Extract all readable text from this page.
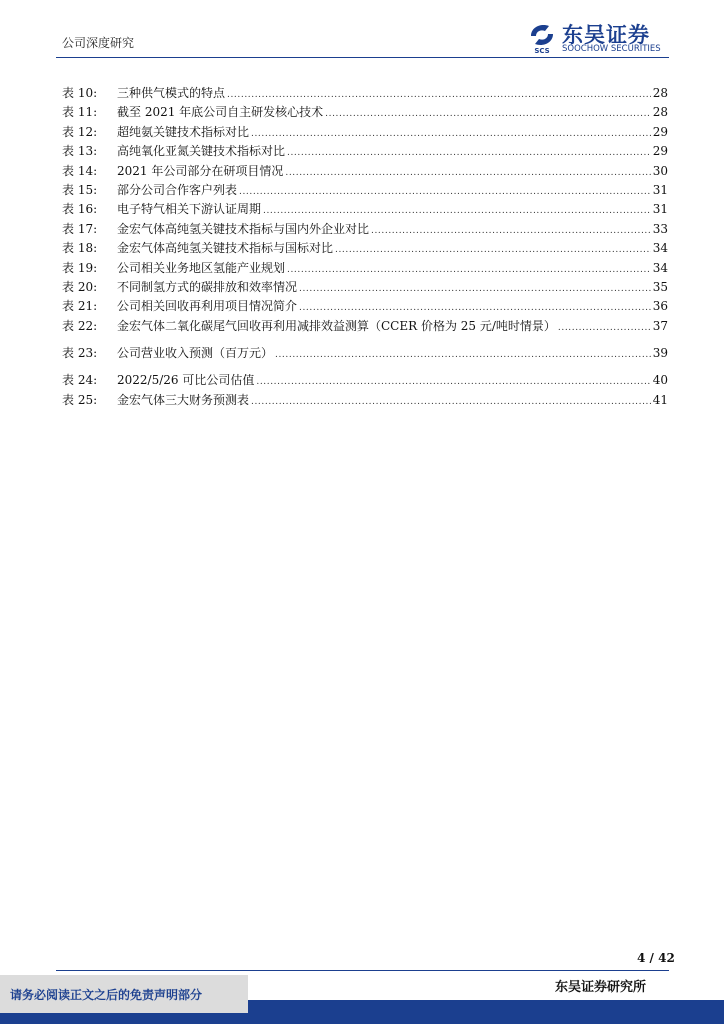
公司深度研究
SCS
东吴证券
SOOCHOW SECURITIES
表 10:	三种供气模式的特点 .....	28
表 11:	截至 2021 年底公司自主研发核心技术 .....	28
表 12:	超纯氨关键技术指标对比 .....	29
表 13:	高纯氧化亚氮关键技术指标对比 .....	29
表 14:	2021 年公司部分在研项目情况 .....	30
表 15:	部分公司合作客户列表 .....	31
表 16:	电子特气相关下游认证周期 .....	31
表 17:	金宏气体高纯氢关键技术指标与国内外企业对比 .....	33
表 18:	金宏气体高纯氢关键技术指标与国标对比 .....	34
表 19:	公司相关业务地区氢能产业规划 .....	34
表 20:	不同制氢方式的碳排放和效率情况 .....	35
表 21:	公司相关回收再利用项目情况简介 .....	36
表 22:	金宏气体二氧化碳尾气回收再利用减排效益测算（CCER 价格为 25 元/吨时情景） .....	37
表 23:	公司营业收入预测（百万元） .....	39
表 24:	2022/5/26 可比公司估值 .....	40
表 25:	金宏气体三大财务预测表 .....	41
4 / 42
东吴证券研究所
请务必阅读正文之后的免责声明部分
